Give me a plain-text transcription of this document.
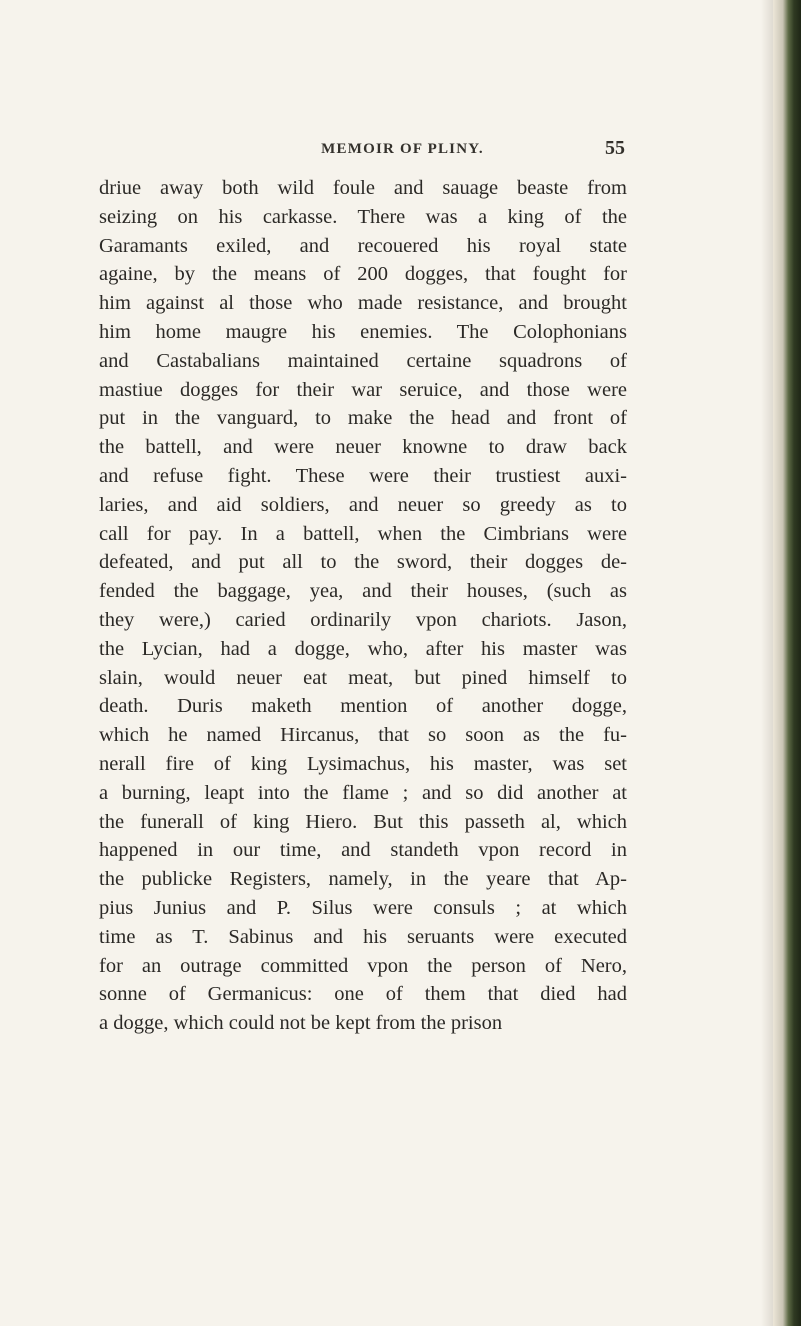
MEMOIR OF PLINY.	55
driue away both wild foule and sauage beaste from
seizing on his carkasse. There was a king of the
Garamants exiled, and recouered his royal state
againe, by the means of 200 dogges, that fought for
him against al those who made resistance, and brought
him home maugre his enemies. The Colophonians
and Castabalians maintained certaine squadrons of
mastiue dogges for their war seruice, and those were
put in the vanguard, to make the head and front of
the battell, and were neuer knowne to draw back
and refuse fight. These were their trustiest auxi-
laries, and aid soldiers, and neuer so greedy as to
call for pay. In a battell, when the Cimbrians were
defeated, and put all to the sword, their dogges de-
fended the baggage, yea, and their houses, (such as
they were,) caried ordinarily vpon chariots. Jason,
the Lycian, had a dogge, who, after his master was
slain, would neuer eat meat, but pined himself to
death. Duris maketh mention of another dogge,
which he named Hircanus, that so soon as the fu-
nerall fire of king Lysimachus, his master, was set
a burning, leapt into the flame ; and so did another at
the funerall of king Hiero. But this passeth al, which
happened in our time, and standeth vpon record in
the publicke Registers, namely, in the yeare that Ap-
pius Junius and P. Silus were consuls ; at which
time as T. Sabinus and his seruants were executed
for an outrage committed vpon the person of Nero,
sonne of Germanicus: one of them that died had
a dogge, which could not be kept from the prison
